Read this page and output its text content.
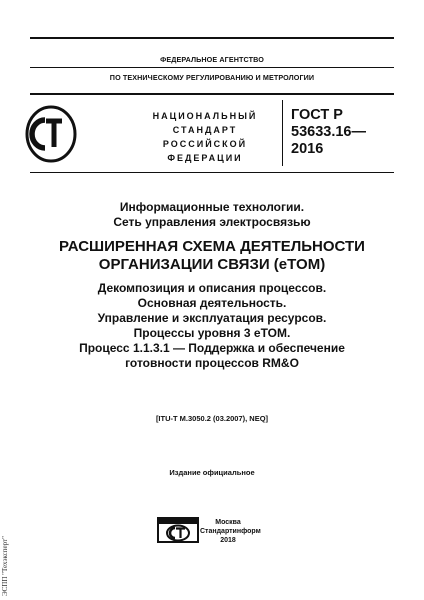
ФЕДЕРАЛЬНОЕ АГЕНТСТВО
ПО ТЕХНИЧЕСКОМУ РЕГУЛИРОВАНИЮ И МЕТРОЛОГИИ
НАЦИОНАЛЬНЫЙ
СТАНДАРТ
РОССИЙСКОЙ
ФЕДЕРАЦИИ
ГОСТ Р
53633.16—
2016
Информационные технологии.
Сеть управления электросвязью
РАСШИРЕННАЯ СХЕМА ДЕЯТЕЛЬНОСТИ
ОРГАНИЗАЦИИ СВЯЗИ (eTOM)
Декомпозиция и описания процессов.
Основная деятельность.
Управление и эксплуатация ресурсов.
Процессы уровня 3 eTOM.
Процесс 1.1.3.1 — Поддержка и обеспечение
готовности процессов RM&O
[ITU-T M.3050.2 (03.2007), NEQ]
Издание официальное
Москва
Стандартинформ
2018
ЭСПП "Техэксперт"
